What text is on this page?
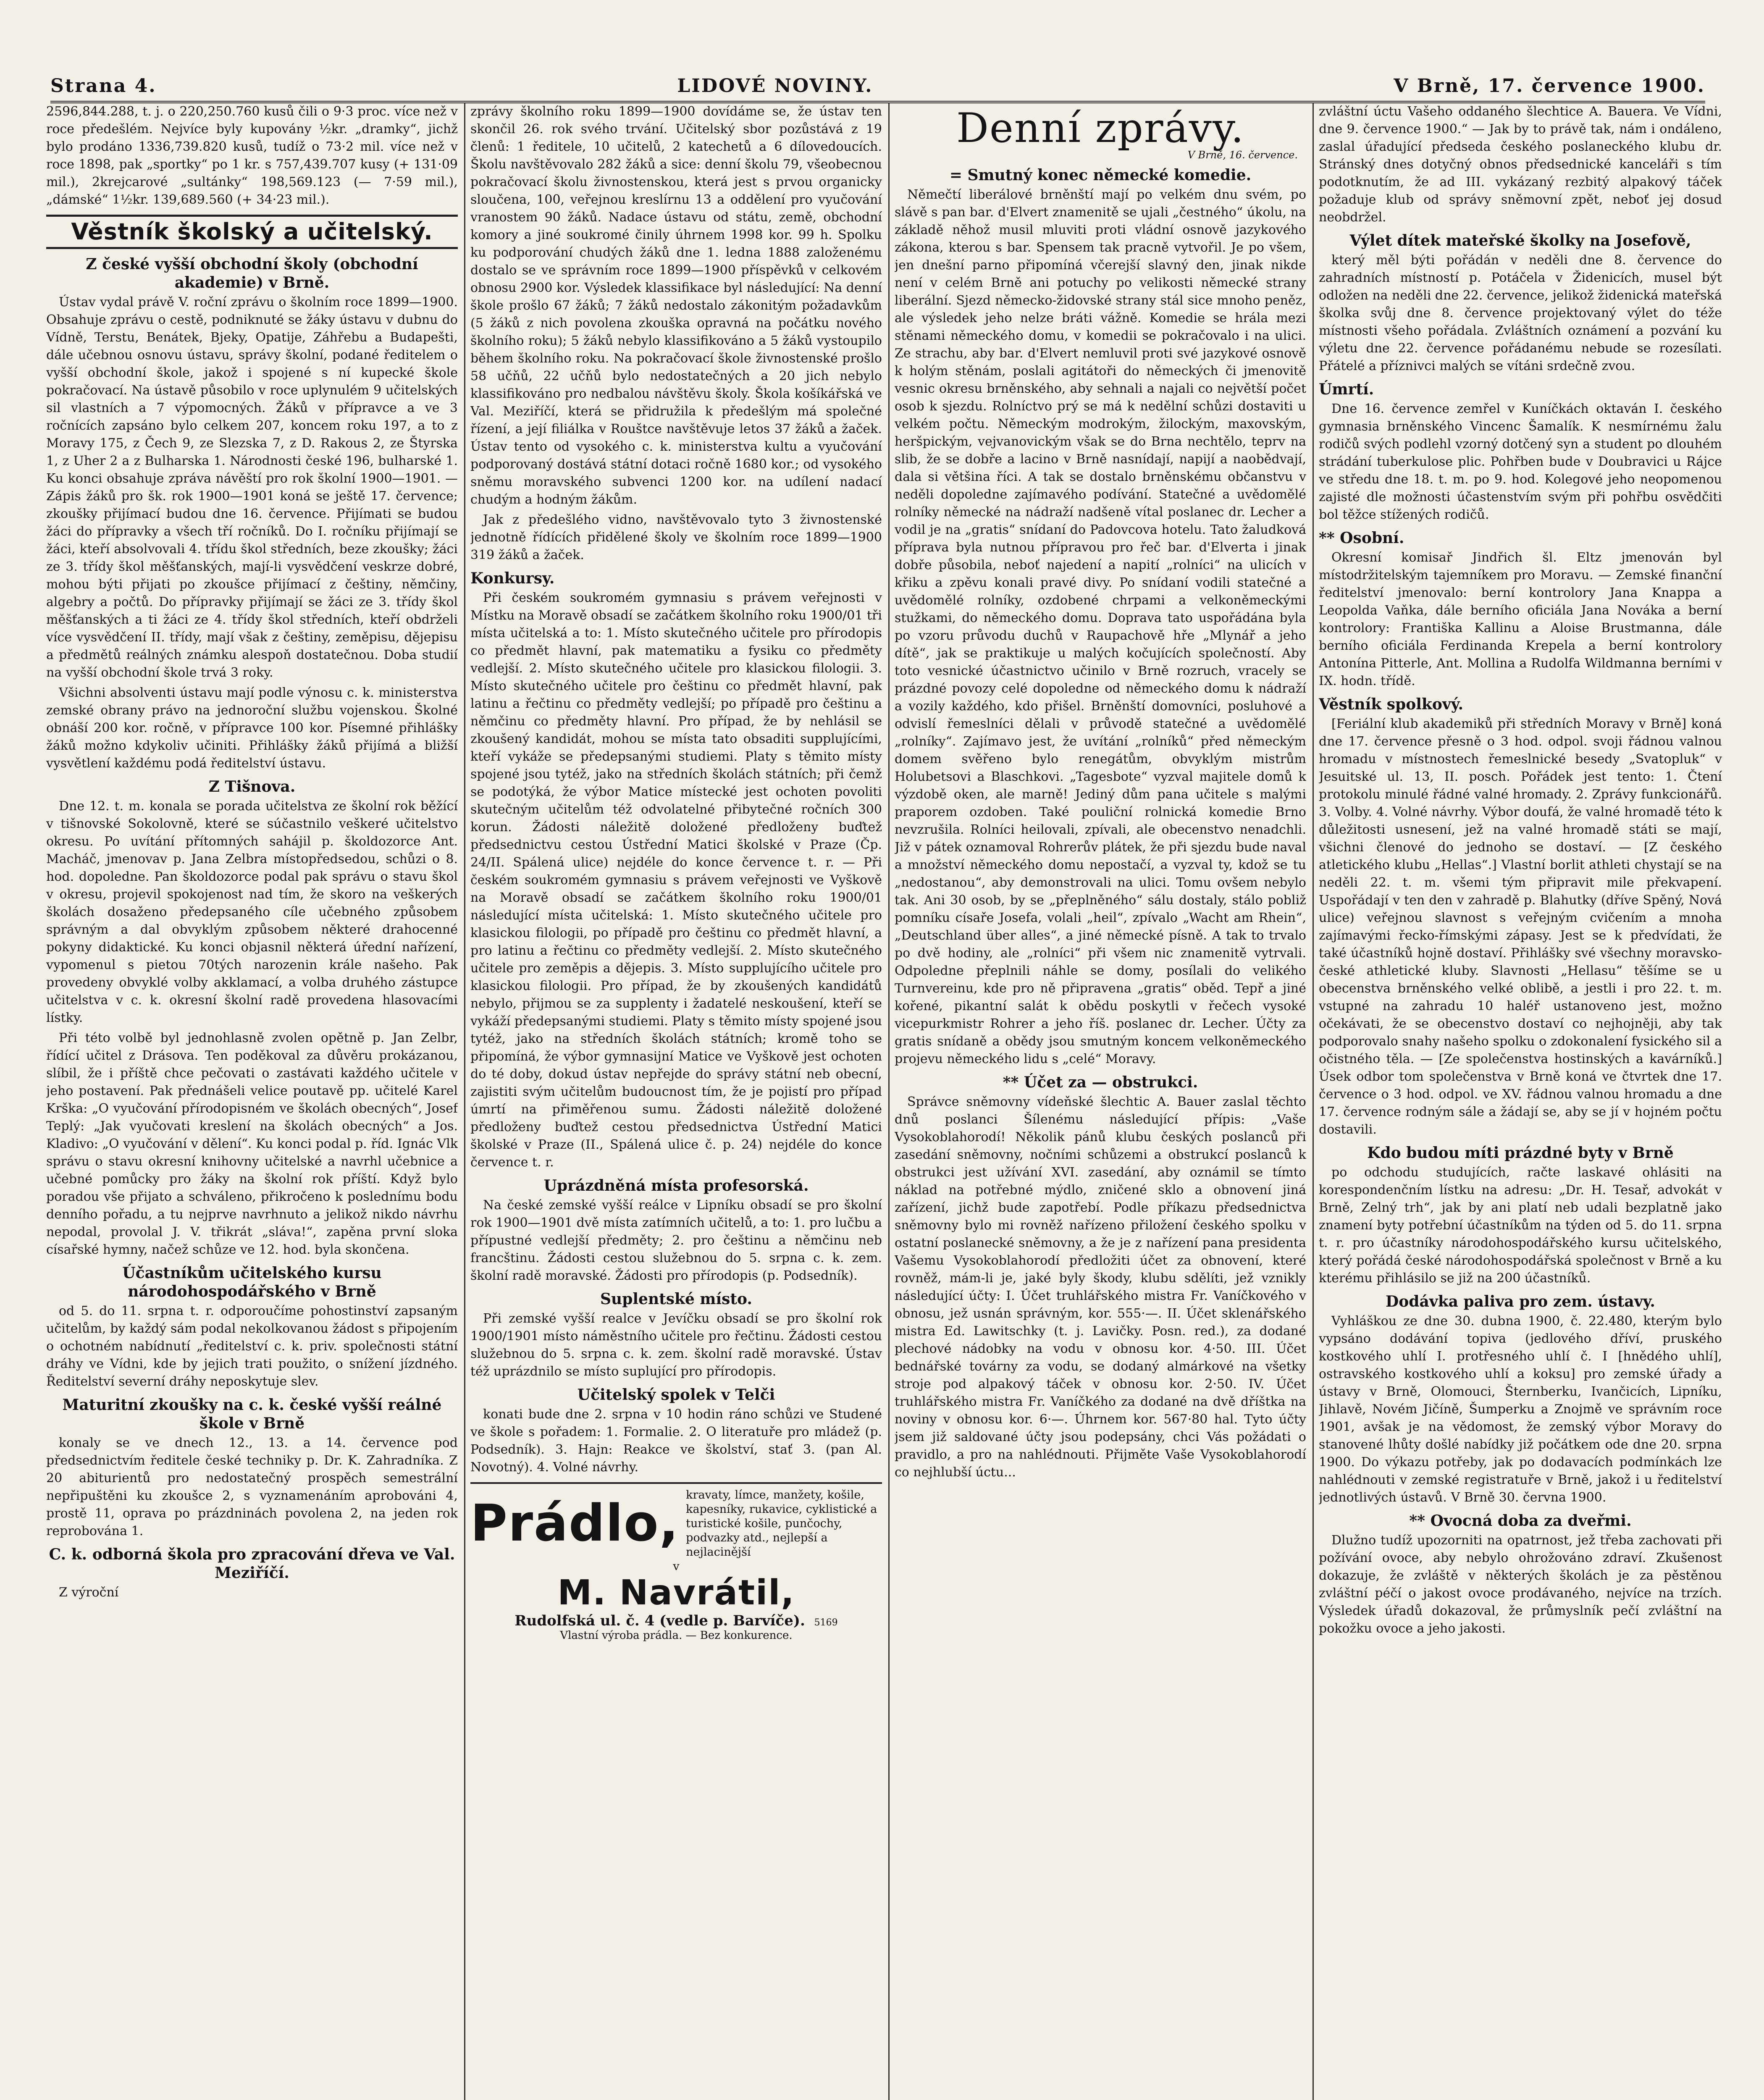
Strana 4.	LIDOVÉ NOVINY.	V Brně, 17. července 1900.

2596,844.288, t. j. o 220,250.760 kusů čili o 9·3 proc. více než v roce předešlém. Nejvíce byly kupovány ½kr. „dramky“, jichž bylo prodáno 1336,739.820 kusů, tudíž o 73·2 mil. více než v roce 1898, pak „sportky“ po 1 kr. s 757,439.707 kusy (+ 131·09 mil.), 2krejcarové „sultánky“ 198,569.123 (— 7·59 mil.), „dámské“ 1½kr. 139,689.560 (+ 34·23 mil.).

Věstník školský a učitelský.
Z české vyšší obchodní školy (obchodní akademie) v Brně.

Ústav vydal právě V. roční zprávu o školním roce 1899—1900. Obsahuje zprávu o cestě, podniknuté se žáky ústavu v dubnu do Vídně, Terstu, Benátek, Bjeky, Opatije, Záhřebu a Budapešti, dále učebnou osnovu ústavu, správy školní, podané ředitelem o vyšší obchodní škole, jakož i spojené s ní kupecké škole pokračovací. Na ústavě působilo v roce uplynulém 9 učitelských sil vlastních a 7 výpomocných. Žáků v přípravce a ve 3 ročnících zapsáno bylo celkem 207, koncem roku 197, a to z Moravy 175, z Čech 9, ze Slezska 7, z D. Rakous 2, ze Štyrska 1, z Uher 2 a z Bulharska 1. Národnosti české 196, bulharské 1. Ku konci obsahuje zpráva návěští pro rok školní 1900—1901. — Zápis žáků pro šk. rok 1900—1901 koná se ještě 17. července; zkoušky přijímací budou dne 16. července. Přijímati se budou žáci do přípravky a všech tří ročníků. Do I. ročníku přijímají se žáci, kteří absolvovali 4. třídu škol středních, beze zkoušky; žáci ze 3. třídy škol měšťanských, mají-li vysvědčení veskrze dobré, mohou býti přijati po zkoušce přijímací z češtiny, němčiny, algebry a počtů. Do přípravky přijímají se žáci ze 3. třídy škol měšťanských a ti žáci ze 4. třídy škol středních, kteří obdrželi více vysvědčení II. třídy, mají však z češtiny, zeměpisu, dějepisu a předmětů reálných známku alespoň dostatečnou. Doba studií na vyšší obchodní škole trvá 3 roky.

Všichni absolventi ústavu mají podle výnosu c. k. ministerstva zemské obrany právo na jednoroční službu vojenskou. Školné obnáší 200 kor. ročně, v přípravce 100 kor. Písemné přihlášky žáků možno kdykoliv učiniti. Přihlášky žáků přijímá a bližší vysvětlení každému podá ředitelství ústavu.

Z Tišnova.

Dne 12. t. m. konala se porada učitelstva ze školní rok běžící v tišnovské Sokolovně, které se súčastnilo veškeré učitelstvo okresu. Po uvítání přítomných sahájil p. školdozorce Ant. Macháč, jmenovav p. Jana Zelbra místopředsedou, schůzi o 8. hod. dopoledne. Pan školdozorce podal pak správu o stavu škol v okresu, projevil spokojenost nad tím, že skoro na veškerých školách dosaženo předepsaného cíle učebného způsobem správným a dal obvyklým způsobem některé drahocenné pokyny didaktické. Ku konci objasnil některá úřední nařízení, vypomenul s pietou 70tých narozenin krále našeho. Pak provedeny obvyklé volby akklamací, a volba druhého zástupce učitelstva v c. k. okresní školní radě provedena hlasovacími lístky.

Při této volbě byl jednohlasně zvolen opětně p. Jan Zelbr, řídící učitel z Drásova. Ten poděkoval za důvěru prokázanou, slíbil, že i příště chce pečovati o zastávati každého učitele v jeho postavení. Pak přednášeli velice poutavě pp. učitelé Karel Krška: „O vyučování přírodopisném ve školách obecných“, Josef Teplý: „Jak vyučovati kreslení na školách obecných“ a Jos. Kladivo: „O vyučování v dělení“. Ku konci podal p. říd. Ignác Vlk správu o stavu okresní knihovny učitelské a navrhl učebnice a učebné pomůcky pro žáky na školní rok příští. Když bylo poradou vše přijato a schváleno, přikročeno k poslednímu bodu denního pořadu, a tu nejprve navrhnuto a jelikož nikdo návrhu nepodal, provolal J. V. třikrát „sláva!“, zapěna první sloka císařské hymny, načež schůze ve 12. hod. byla skončena.

Účastníkům učitelského kursu národohospodářského v Brně

od 5. do 11. srpna t. r. odporoučíme pohostinství zapsaným učitelům, by každý sám podal nekolkovanou žádost s připojením o ochotném nabídnutí „ředitelství c. k. priv. společnosti státní dráhy ve Vídni, kde by jejich trati použito, o snížení jízdného. Ředitelství severní dráhy neposkytuje slev.

Maturitní zkoušky na c. k. české vyšší reálné škole v Brně

konaly se ve dnech 12., 13. a 14. července pod předsednictvím ředitele české techniky p. Dr. K. Zahradníka. Z 20 abiturientů pro nedostatečný prospěch semestrální nepřipuštěni ku zkoušce 2, s vyznamenáním aprobováni 4, prostě 11, oprava po prázdninách povolena 2, na jeden rok reprobována 1.

C. k. odborná škola pro zpracování dřeva ve Val. Meziříčí.

Z výroční

zprávy školního roku 1899—1900 dovídáme se, že ústav ten skončil 26. rok svého trvání. Učitelský sbor pozůstává z 19 členů: 1 ředitele, 10 učitelů, 2 katechetů a 6 dílovedoucích. Školu navštěvovalo 282 žáků a sice: denní školu 79, všeobecnou pokračovací školu živnostenskou, která jest s prvou organicky sloučena, 100, veřejnou kreslírnu 13 a oddělení pro vyučování vranostem 90 žáků. Nadace ústavu od státu, země, obchodní komory a jiné soukromé činily úhrnem 1998 kor. 99 h. Spolku ku podporování chudých žáků dne 1. ledna 1888 založenému dostalo se ve správním roce 1899—1900 příspěvků v celkovém obnosu 2900 kor. Výsledek klassifikace byl následující: Na denní škole prošlo 67 žáků; 7 žáků nedostalo zákonitým požadavkům (5 žáků z nich povolena zkouška opravná na počátku nového školního roku); 5 žáků nebylo klassifikováno a 5 žáků vystoupilo během školního roku. Na pokračovací škole živnostenské prošlo 58 učňů, 22 učňů bylo nedostatečných a 20 jich nebylo klassifikováno pro nedbalou návštěvu školy. Škola košíkářská ve Val. Meziříčí, která se přidružila k předešlým má společné řízení, a její filiálka v Rouštce navštěvuje letos 37 žáků a žaček. Ústav tento od vysokého c. k. ministerstva kultu a vyučování podporovaný dostává státní dotaci ročně 1680 kor.; od vysokého sněmu moravského subvenci 1200 kor. na udílení nadací chudým a hodným žákům.

Jak z předešlého vidno, navštěvovalo tyto 3 živnostenské jednotně řídících přidělené školy ve školním roce 1899—1900 319 žáků a žaček.

Konkursy.

Při českém soukromém gymnasiu s právem veřejnosti v Místku na Moravě obsadí se začátkem školního roku 1900/01 tři místa učitelská a to: 1. Místo skutečného učitele pro přírodopis co předmět hlavní, pak matematiku a fysiku co předměty vedlejší. 2. Místo skutečného učitele pro klasickou filologii. 3. Místo skutečného učitele pro češtinu co předmět hlavní, pak latinu a řečtinu co předměty vedlejší; po případě pro češtinu a němčinu co předměty hlavní. Pro případ, že by nehlásil se zkoušený kandidát, mohou se místa tato obsaditi supplujícími, kteří vykáže se předepsanými studiemi. Platy s těmito místy spojené jsou tytéž, jako na středních školách státních; při čemž se podotýká, že výbor Matice místecké jest ochoten povoliti skutečným učitelům též odvolatelné přibytečné ročních 300 korun. Žádosti náležitě doložené předloženy buďtež předsednictvu cestou Ústřední Matici školské v Praze (Čp. 24/II. Spálená ulice) nejdéle do konce července t. r. — Při českém soukromém gymnasiu s právem veřejnosti ve Vyškově na Moravě obsadí se začátkem školního roku 1900/01 následující místa učitelská: 1. Místo skutečného učitele pro klasickou filologii, po případě pro češtinu co předmět hlavní, a pro latinu a řečtinu co předměty vedlejší. 2. Místo skutečného učitele pro zeměpis a dějepis. 3. Místo supplujícího učitele pro klasickou filologii. Pro případ, že by zkoušených kandidátů nebylo, přijmou se za supplenty i žadatelé neskoušení, kteří se vykáží předepsanými studiemi. Platy s těmito místy spojené jsou tytéž, jako na středních školách státních; kromě toho se připomíná, že výbor gymnasijní Matice ve Vyškově jest ochoten do té doby, dokud ústav nepřejde do správy státní neb obecní, zajistiti svým učitelům budoucnost tím, že je pojistí pro případ úmrtí na přiměřenou sumu. Žádosti náležitě doložené předloženy buďtež cestou předsednictva Ústřední Matici školské v Praze (II., Spálená ulice č. p. 24) nejdéle do konce července t. r.

Uprázdněná místa profesorská.

Na české zemské vyšší reálce v Lipníku obsadí se pro školní rok 1900—1901 dvě místa zatímních učitelů, a to: 1. pro lučbu a přípustné vedlejší předměty; 2. pro češtinu a němčinu neb francštinu. Žádosti cestou služebnou do 5. srpna c. k. zem. školní radě moravské. Žádosti pro přírodopis (p. Podsedník).

Suplentské místo.

Při zemské vyšší realce v Jevíčku obsadí se pro školní rok 1900/1901 místo náměstního učitele pro řečtinu. Žádosti cestou služebnou do 5. srpna c. k. zem. školní radě moravské. Ústav též uprázdnilo se místo suplující pro přírodopis.

Učitelský spolek v Telči

konati bude dne 2. srpna v 10 hodin ráno schůzi ve Studené ve škole s pořadem: 1. Formalie. 2. O literatuře pro mládež (p. Podsedník). 3. Hajn: Reakce ve školství, stať 3. (pan Al. Novotný). 4. Volné návrhy.

Prádlo, kravaty, límce, manžety, košile, kapesníky, rukavice, cyklistické a turistické košile, punčochy, podvazky atd., nejlepší a nejlacinější
v
M. Navrátil,
Rudolfská ul. č. 4 (vedle p. Barvíče). 5169
Vlastní výroba prádla. — Bez konkurence.
Denní zprávy.
V Brně, 16. července.
= Smutný konec německé komedie.

Němečtí liberálové brněnští mají po velkém dnu svém, po slávě s pan bar. d'Elvert znamenitě se ujali „čestného“ úkolu, na základě něhož musil mluviti proti vládní osnově jazykového zákona, kterou s bar. Spensem tak pracně vytvořil. Je po všem, jen dnešní parno připomíná včerejší slavný den, jinak nikde není v celém Brně ani potuchy po velikosti německé strany liberální. Sjezd německo-židovské strany stál sice mnoho peněz, ale výsledek jeho nelze bráti vážně. Komedie se hrála mezi stěnami německého domu, v komedii se pokračovalo i na ulici. Ze strachu, aby bar. d'Elvert nemluvil proti své jazykové osnově k holým stěnám, poslali agitátoři do německých či jmenovitě vesnic okresu brněnského, aby sehnali a najali co největší počet osob k sjezdu. Rolníctvo prý se má k nedělní schůzi dostaviti u velkém počtu. Německým modrokým, žilockým, maxovským, heršpickým, vejvanovickým však se do Brna nechtělo, teprv na slib, že se dobře a lacino v Brně nasnídají, napijí a naobědvají, dala si většina říci. A tak se dostalo brněnskému občanstvu v neděli dopoledne zajímavého podívání. Statečné a uvědomělé rolníky německé na nádraží nadšeně vítal poslanec dr. Lecher a vodil je na „gratis“ snídaní do Padovcova hotelu. Tato žaludková příprava byla nutnou přípravou pro řeč bar. d'Elverta i jinak dobře působila, neboť najedení a napití „rolníci“ na ulicích v křiku a zpěvu konali pravé divy. Po snídaní vodili statečné a uvědomělé rolníky, ozdobené chrpami a velkoněmeckými stužkami, do německého domu. Doprava tato uspořádána byla po vzoru průvodu duchů v Raupachově hře „Mlynář a jeho dítě“, jak se praktikuje u malých kočujících společností. Aby toto vesnické účastnictvo učinilo v Brně rozruch, vracely se prázdné povozy celé dopoledne od německého domu k nádraží a vozily každého, kdo přišel. Brněnští domovníci, posluhové a odvislí řemeslníci dělali v průvodě statečné a uvědomělé „rolníky“. Zajímavo jest, že uvítání „rolníků“ před německým domem svěřeno bylo renegátům, obvyklým mistrům Holubetsovi a Blaschkovi. „Tagesbote“ vyzval majitele domů k výzdobě oken, ale marně! Jediný dům pana učitele s malými praporem ozdoben. Také pouliční rolnická komedie Brno nevzrušila. Rolníci heilovali, zpívali, ale obecenstvo nenadchli. Již v pátek oznamoval Rohrerův plátek, že při sjezdu bude naval a množství německého domu nepostačí, a vyzval ty, kdož se tu „nedostanou“, aby demonstrovali na ulici. Tomu ovšem nebylo tak. Ani 30 osob, by se „přeplněného“ sálu dostaly, stálo pobliž pomníku císaře Josefa, volali „heil“, zpívalo „Wacht am Rhein“, „Deutschland über alles“, a jiné německé písně. A tak to trvalo po dvě hodiny, ale „rolníci“ při všem nic znamenitě vytrvali. Odpoledne přeplnili náhle se domy, posílali do velikého Turnvereinu, kde pro ně připravena „gratis“ oběd. Tepř a jiné kořené, pikantní salát k obědu poskytli v řečech vysoké vicepurkmistr Rohrer a jeho říš. poslanec dr. Lecher. Účty za gratis snídaně a obědy jsou smutným koncem velkoněmeckého projevu německého lidu s „celé“ Moravy.

** Účet za — obstrukci.

Správce sněmovny vídeňské šlechtic A. Bauer zaslal těchto dnů poslanci Šílenému následující přípis: „Vaše Vysokoblahorodí! Několik pánů klubu českých poslanců při zasedání sněmovny, nočními schůzemi a obstrukcí poslanců k obstrukci jest užívání XVI. zasedání, aby oznámil se tímto náklad na potřebné mýdlo, zničené sklo a obnovení jiná zařízení, jichž bude zapotřebí. Podle příkazu předsednictva sněmovny bylo mi rovněž nařízeno přiložení českého spolku v ostatní poslanecké sněmovny, a že je z nařízení pana presidenta Vašemu Vysokoblahorodí předložiti účet za obnovení, které rovněž, mám-li je, jaké byly škody, klubu sdělíti, jež vznikly následující účty: I. Účet truhlářského mistra Fr. Vaníčkového v obnosu, jež usnán správným, kor. 555·—. II. Účet sklenářského mistra Ed. Lawitschky (t. j. Lavičky. Posn. red.), za dodané plechové nádobky na vodu v obnosu kor. 4·50. III. Účet bednářské továrny za vodu, se dodaný almárkové na všetky stroje pod alpakový táček v obnosu kor. 2·50. IV. Účet truhlářského mistra Fr. Vaníčkého za dodané na dvě dříštka na noviny v obnosu kor. 6·—. Úhrnem kor. 567·80 hal. Tyto účty jsem již saldované účty jsou podepsány, chci Vás požádati o pravidlo, a pro na nahlédnouti. Přijměte Vaše Vysokoblahorodí co nejhlubší úctu...

zvláštní úctu Vašeho oddaného šlechtice A. Bauera. Ve Vídni, dne 9. července 1900.“ — Jak by to právě tak, nám i ondáleno, zaslal úřadující předseda českého poslaneckého klubu dr. Stránský dnes dotyčný obnos předsednické kanceláři s tím podotknutím, že ad III. vykázaný rezbitý alpakový táček požaduje klub od správy sněmovní zpět, neboť jej dosud neobdržel.

Výlet dítek mateřské školky na Josefově,

který měl býti pořádán v neděli dne 8. července do zahradních místností p. Potáčela v Židenicích, musel být odložen na neděli dne 22. července, jelikož židenická mateřská školka svůj dne 8. července projektovaný výlet do téže místnosti všeho pořádala. Zvláštních oznámení a pozvání ku výletu dne 22. července pořádanému nebude se rozesílati. Přátelé a příznivci malých se vítáni srdečně zvou.

Úmrtí.

Dne 16. července zemřel v Kuníčkách oktaván I. českého gymnasia brněnského Vincenc Šamalík. K nesmírnému žalu rodičů svých podlehl vzorný dotčený syn a student po dlouhém strádání tuberkulose plic. Pohřben bude v Doubravici u Rájce ve středu dne 18. t. m. po 9. hod. Kolegové jeho neopomenou zajisté dle možnosti účastenstvím svým při pohřbu osvědčiti bol těžce stížených rodičů.

** Osobní.

Okresní komisař Jindřich šl. Eltz jmenován byl místodržitelským tajemníkem pro Moravu. — Zemské finanční ředitelství jmenovalo: berní kontrolory Jana Knappa a Leopolda Vaňka, dále berního oficiála Jana Nováka a berní kontrolory: Františka Kallinu a Aloise Brustmanna, dále berního oficiála Ferdinanda Krepela a berní kontrolory Antonína Pitterle, Ant. Mollina a Rudolfa Wildmanna berními v IX. hodn. třídě.

Věstník spolkový.

[Feriální klub akademiků při středních Moravy v Brně] koná dne 17. července přesně o 3 hod. odpol. svoji řádnou valnou hromadu v místnostech řemeslnické besedy „Svatopluk“ v Jesuitské ul. 13, II. posch. Pořádek jest tento: 1. Čtení protokolu minulé řádné valné hromady. 2. Zprávy funkcionářů. 3. Volby. 4. Volné návrhy. Výbor doufá, že valné hromadě této k důležitosti usnesení, jež na valné hromadě státi se mají, všichni členové do jednoho se dostaví. — [Z českého atletického klubu „Hellas“.] Vlastní borlit athleti chystají se na neděli 22. t. m. všemi tým připravit mile překvapení. Uspořádají v ten den v zahradě p. Blahutky (dříve Spěný, Nová ulice) veřejnou slavnost s veřejným cvičením a mnoha zajímavými řecko-římskými zápasy. Jest se k předvídati, že také účastníků hojně dostaví. Přihlášky své všechny moravsko-české athletické kluby. Slavnosti „Hellasu“ těšíme se u obecenstva brněnského velké oblibě, a jestli i pro 22. t. m. vstupné na zahradu 10 haléř ustanoveno jest, možno očekávati, že se obecenstvo dostaví co nejhojněji, aby tak podporovalo snahy našeho spolku o zdokonalení fysického sil a očistného těla. — [Ze společenstva hostinských a kavárníků.] Úsek odbor tom společenstva v Brně koná ve čtvrtek dne 17. července o 3 hod. odpol. ve XV. řádnou valnou hromadu a dne 17. července rodným sále a žádají se, aby se jí v hojném počtu dostavili.

Kdo budou míti prázdné byty v Brně

po odchodu studujících, račte laskavé ohlásiti na korespondenčním lístku na adresu: „Dr. H. Tesař, advokát v Brně, Zelný trh“, jak by ani platí neb udali bezplatně jako znamení byty potřební účastníkům na týden od 5. do 11. srpna t. r. pro účastníky národohospodářského kursu učitelského, který pořádá české národohospodářská společnost v Brně a ku kterému přihlásilo se již na 200 účastníků.

Dodávka paliva pro zem. ústavy.

Vyhláškou ze dne 30. dubna 1900, č. 22.480, kterým bylo vypsáno dodávání topiva (jedlového dříví, pruského kostkového uhlí I. protřesného uhlí č. I [hnědého uhlí], ostravského kostkového uhlí a koksu] pro zemské úřady a ústavy v Brně, Olomouci, Šternberku, Ivančicích, Lipníku, Jihlavě, Novém Jičíně, Šumperku a Znojmě ve správním roce 1901, avšak je na vědomost, že zemský výbor Moravy do stanovené lhůty došlé nabídky již počátkem ode dne 20. srpna 1900. Do výkazu potřeby, jak po dodavacích podmínkách lze nahlédnouti v zemské registratuře v Brně, jakož i u ředitelství jednotlivých ústavů. V Brně 30. června 1900.

** Ovocná doba za dveřmi.

Dlužno tudíž upozorniti na opatrnost, jež třeba zachovati při požívání ovoce, aby nebylo ohrožováno zdraví. Zkušenost dokazuje, že zvláště v některých školách je za pěstěnou zvláštní péčí o jakost ovoce prodávaného, nejvíce na trzích. Výsledek úřadů dokazoval, že průmyslník pečí zvláštní na pokožku ovoce a jeho jakosti.
